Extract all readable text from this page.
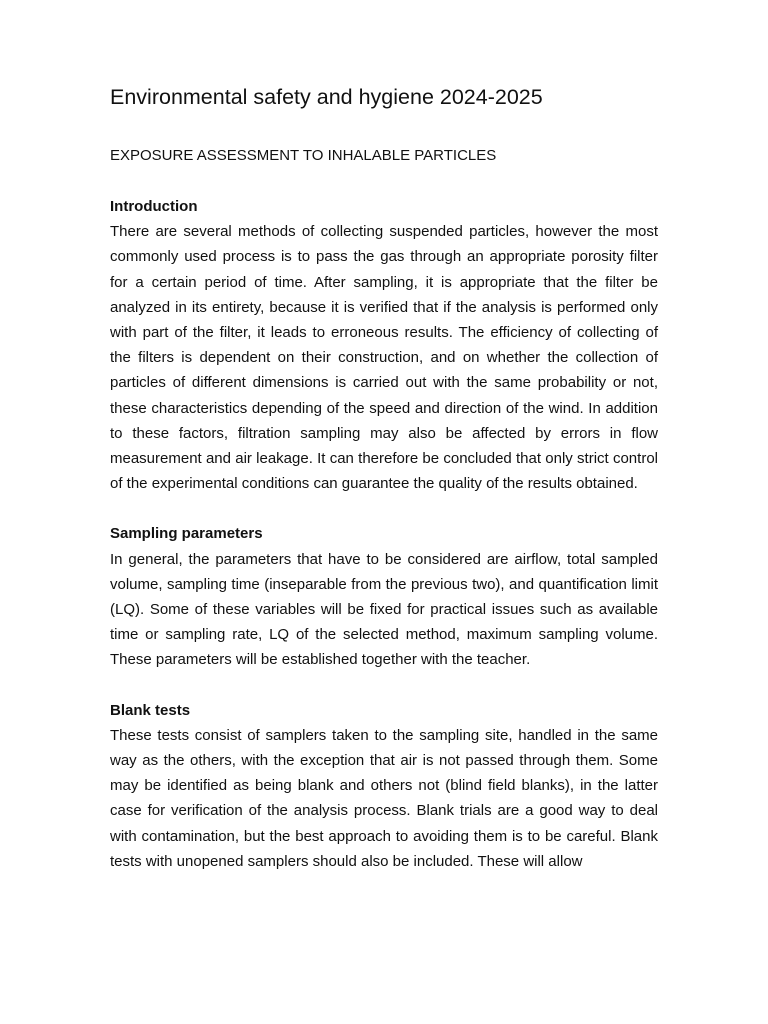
Environmental safety and hygiene 2024-2025
EXPOSURE ASSESSMENT TO INHALABLE PARTICLES
Introduction

There are several methods of collecting suspended particles, however the most commonly used process is to pass the gas through an appropriate porosity filter for a certain period of time. After sampling, it is appropriate that the filter be analyzed in its entirety, because it is verified that if the analysis is performed only with part of the filter, it leads to erroneous results. The efficiency of collecting of the filters is dependent on their construction, and on whether the collection of particles of different dimensions is carried out with the same probability or not, these characteristics depending of the speed and direction of the wind. In addition to these factors, filtration sampling may also be affected by errors in flow measurement and air leakage. It can therefore be concluded that only strict control of the experimental conditions can guarantee the quality of the results obtained.

Sampling parameters

In general, the parameters that have to be considered are airflow, total sampled volume, sampling time (inseparable from the previous two), and quantification limit (LQ). Some of these variables will be fixed for practical issues such as available time or sampling rate, LQ of the selected method, maximum sampling volume. These parameters will be established together with the teacher.

Blank tests

These tests consist of samplers taken to the sampling site, handled in the same way as the others, with the exception that air is not passed through them. Some may be identified as being blank and others not (blind field blanks), in the latter case for verification of the analysis process. Blank trials are a good way to deal with contamination, but the best approach to avoiding them is to be careful. Blank tests with unopened samplers should also be included. These will allow
